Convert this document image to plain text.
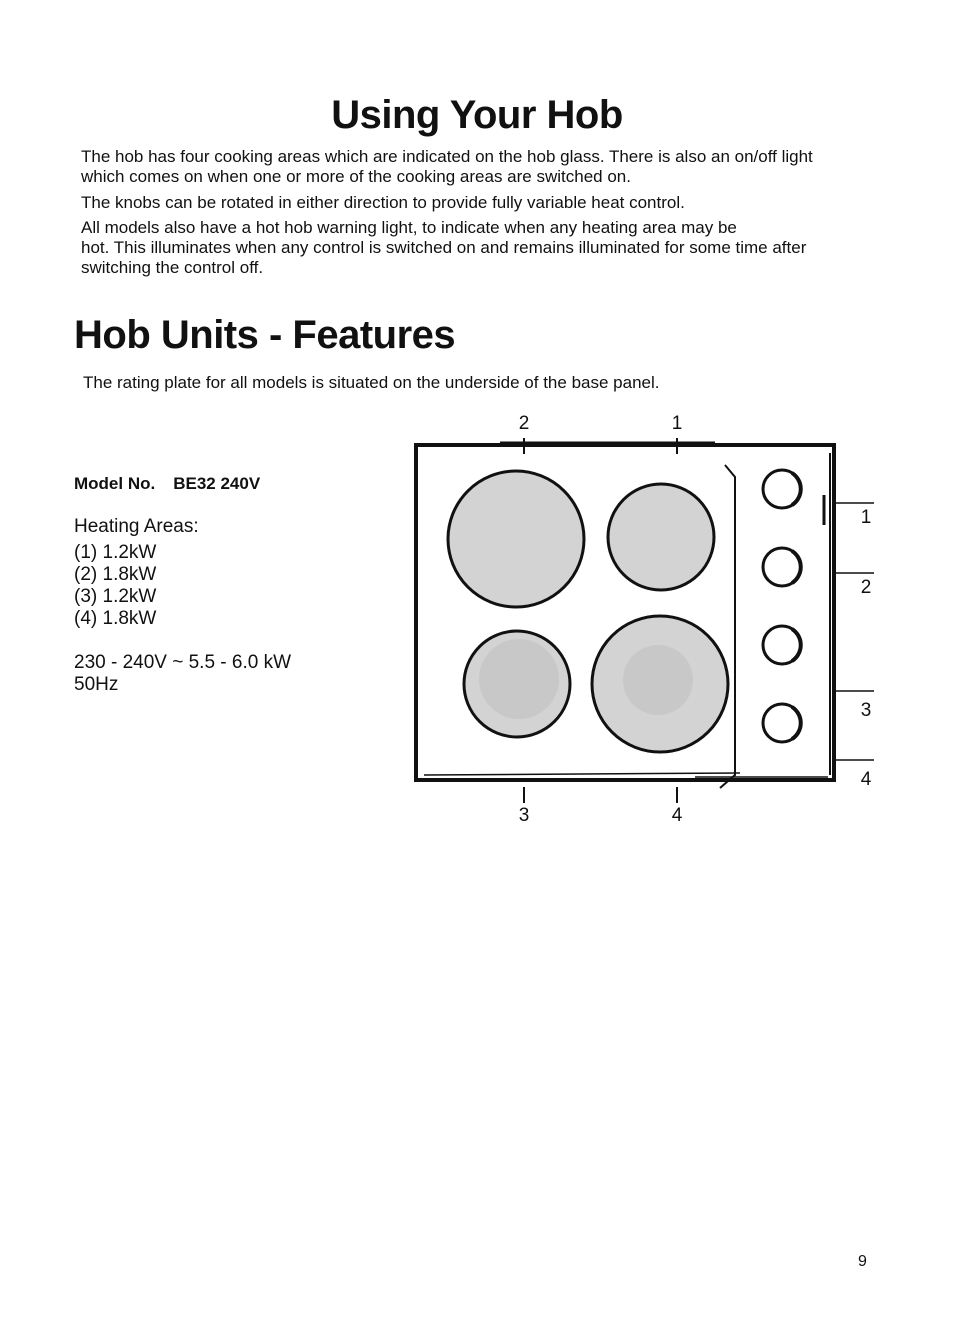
Using Your Hob
The hob has four cooking areas which are indicated on the hob glass. There is also an on/off light
which comes on when one or more of the cooking areas are switched on.
The knobs can be rotated in either direction to provide fully variable heat control.
All models also have a hot hob warning light, to indicate when any heating area may be
hot. This illuminates when any control is switched on and remains illuminated for some time after
switching the control off.
Hob Units - Features
The rating plate for all models is situated on the underside of the base panel.
Model No. BE32 240V
Heating Areas:
(1) 1.2kW
(2) 1.8kW
(3) 1.2kW
(4) 1.8kW
230 - 240V ~ 5.5 - 6.0 kW
50Hz
2	1
3	4
1
2
3
4
9
